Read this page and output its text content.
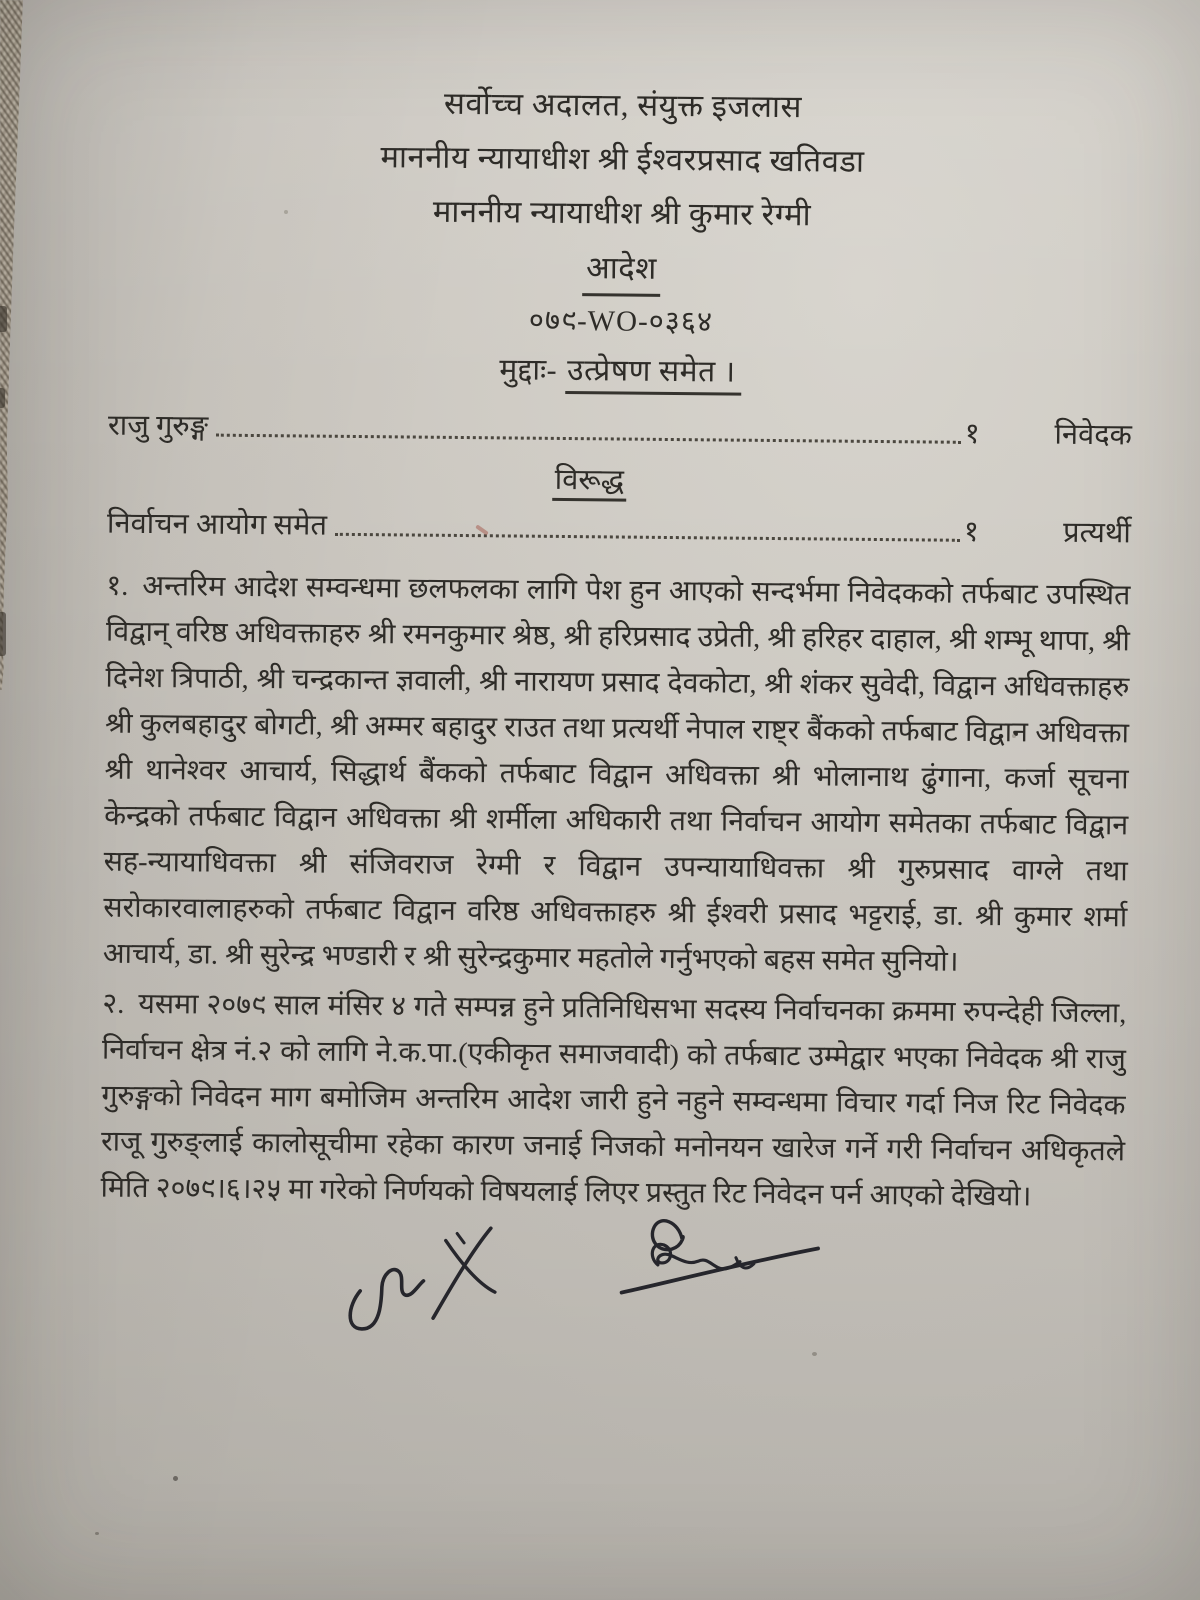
सर्वोच्च अदालत, संयुक्त इजलास
माननीय न्यायाधीश श्री ईश्वरप्रसाद खतिवडा
माननीय न्यायाधीश श्री कुमार रेग्मी
आदेश
०७९-WO-०३६४
मुद्दाः- उत्प्रेषण समेत ।
राजु गुरुङ्ग	१	निवेदक
विरूद्ध
निर्वाचन आयोग समेत	१	प्रत्यर्थी

१. अन्तरिम आदेश सम्वन्धमा छलफलका लागि पेश हुन आएको सन्दर्भमा निवेदकको तर्फबाट उपस्थित विद्वान् वरिष्ठ अधिवक्ताहरु श्री रमनकुमार श्रेष्ठ, श्री हरिप्रसाद उप्रेती, श्री हरिहर दाहाल, श्री शम्भू थापा, श्री दिनेश त्रिपाठी, श्री चन्द्रकान्त ज्ञवाली, श्री नारायण प्रसाद देवकोटा, श्री शंकर सुवेदी, विद्वान अधिवक्ताहरु श्री कुलबहादुर बोगटी, श्री अम्मर बहादुर राउत तथा प्रत्यर्थी नेपाल राष्ट्र बैंकको तर्फबाट विद्वान अधिवक्ता श्री थानेश्वर आचार्य, सिद्धार्थ बैंकको तर्फबाट विद्वान अधिवक्ता श्री भोलानाथ ढुंगाना, कर्जा सूचना केन्द्रको तर्फबाट विद्वान अधिवक्ता श्री शर्मीला अधिकारी तथा निर्वाचन आयोग समेतका तर्फबाट विद्वान सह-न्यायाधिवक्ता श्री संजिवराज रेग्मी र विद्वान उपन्यायाधिवक्ता श्री गुरुप्रसाद वाग्ले तथा सरोकारवालाहरुको तर्फबाट विद्वान वरिष्ठ अधिवक्ताहरु श्री ईश्वरी प्रसाद भट्टराई, डा. श्री कुमार शर्मा आचार्य, डा. श्री सुरेन्द्र भण्डारी र श्री सुरेन्द्रकुमार महतोले गर्नुभएको बहस समेत सुनियो।

२. यसमा २०७९ साल मंसिर ४ गते सम्पन्न हुने प्रतिनिधिसभा सदस्य निर्वाचनका क्रममा रुपन्देही जिल्ला, निर्वाचन क्षेत्र नं.२ को लागि ने.क.पा.(एकीकृत समाजवादी) को तर्फबाट उम्मेद्वार भएका निवेदक श्री राजु गुरुङ्गको निवेदन माग बमोजिम अन्तरिम आदेश जारी हुने नहुने सम्वन्धमा विचार गर्दा निज रिट निवेदक राजू गुरुङ्लाई कालोसूचीमा रहेका कारण जनाई निजको मनोनयन खारेज गर्ने गरी निर्वाचन अधिकृतले मिति २०७९।६।२५ मा गरेको निर्णयको विषयलाई लिएर प्रस्तुत रिट निवेदन पर्न आएको देखियो।
